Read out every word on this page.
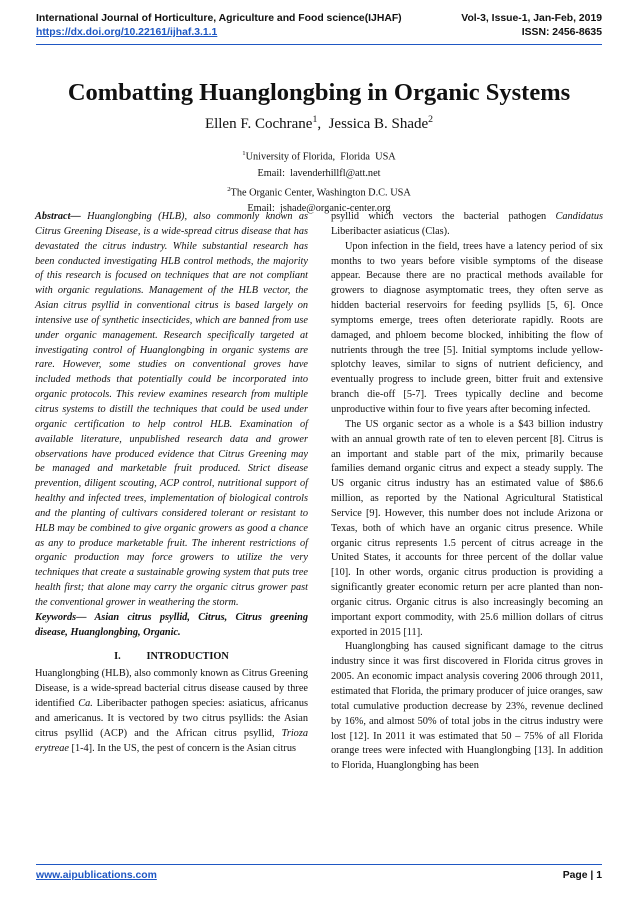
International Journal of Horticulture, Agriculture and Food science(IJHAF)	Vol-3, Issue-1, Jan-Feb, 2019
https://dx.doi.org/10.22161/ijhaf.3.1.1	ISSN: 2456-8635
Combatting Huanglongbing in Organic Systems
Ellen F. Cochrane$^1$,  Jessica B. Shade$^2$
$^1$University of Florida,  Florida  USA
Email:  lavenderhillfl@att.net
$^2$The Organic Center, Washington D.C. USA
Email:  jshade@organic-center.org

Abstract— Huanglongbing (HLB), also commonly known as Citrus Greening Disease, is a wide-spread citrus disease that has devastated the citrus industry. While substantial research has been conducted investigating HLB control methods, the majority of this research is focused on techniques that are not compliant with organic regulations. Management of the HLB vector, the Asian citrus psyllid in conventional citrus is based largely on intensive use of synthetic insecticides, which are banned from use under organic management. Research specifically targeted at investigating control of Huanglongbing in organic systems are rare. However, some studies on conventional groves have included methods that potentially could be incorporated into organic protocols. This review examines research from multiple citrus systems to distill the techniques that could be used under organic certification to help control HLB. Examination of available literature, unpublished research data and grower observations have produced evidence that Citrus Greening may be managed and marketable fruit produced. Strict disease prevention, diligent scouting, ACP control, nutritional support of healthy and infected trees, implementation of biological controls and the planting of cultivars considered tolerant or resistant to HLB may be combined to give organic growers as good a chance as any to produce marketable fruit. The inherent restrictions of organic production may force growers to utilize the very techniques that create a sustainable growing system that puts tree health first; that alone may carry the organic citrus grower past the conventional grower in weathering the storm.

Keywords— Asian citrus psyllid, Citrus, Citrus greening disease, Huanglongbing, Organic.

I.          INTRODUCTION

Huanglongbing (HLB), also commonly known as Citrus Greening Disease, is a wide-spread bacterial citrus disease caused by three identified Ca. Liberibacter pathogen species: asiaticus, africanus and americanus. It is vectored by two citrus psyllids: the Asian citrus psyllid (ACP) and the African citrus psyllid, Trioza erytreae [1-4]. In the US, the pest of concern is the Asian citrus

psyllid which vectors the bacterial pathogen Candidatus Liberibacter asiaticus (Clas).

Upon infection in the field, trees have a latency period of six months to two years before visible symptoms of the disease appear. Because there are no practical methods available for growers to diagnose asymptomatic trees, they often serve as hidden bacterial reservoirs for feeding psyllids [5, 6]. Once symptoms emerge, trees often deteriorate rapidly. Roots are damaged, and phloem become blocked, inhibiting the flow of nutrients through the tree [5]. Initial symptoms include yellow-splotchy leaves, similar to signs of nutrient deficiency, and eventually progress to include green, bitter fruit and extensive branch die-off [5-7]. Trees typically decline and become unproductive within four to five years after becoming infected.

The US organic sector as a whole is a $43 billion industry with an annual growth rate of ten to eleven percent [8]. Citrus is an important and stable part of the mix, primarily because families demand organic citrus and expect a steady supply. The US organic citrus industry has an estimated value of $86.6 million, as reported by the National Agricultural Statistical Service [9]. However, this number does not include Arizona or Texas, both of which have an organic citrus presence. While organic citrus represents 1.5 percent of citrus acreage in the United States, it accounts for three percent of the dollar value [10]. In other words, organic citrus production is providing a significantly greater economic return per acre planted than non-organic citrus. Organic citrus is also increasingly becoming an important export commodity, with 25.6 million dollars of citrus exported in 2015 [11].

Huanglongbing has caused significant damage to the citrus industry since it was first discovered in Florida citrus groves in 2005. An economic impact analysis covering 2006 through 2011, estimated that Florida, the primary producer of juice oranges, saw total cumulative production decrease by 23%, revenue declined by 16%, and almost 50% of total jobs in the citrus industry were lost [12]. In 2011 it was estimated that 50 – 75% of all Florida orange trees were infected with Huanglongbing [13]. In addition to Florida, Huanglongbing has been

www.aipublications.com	Page | 1
